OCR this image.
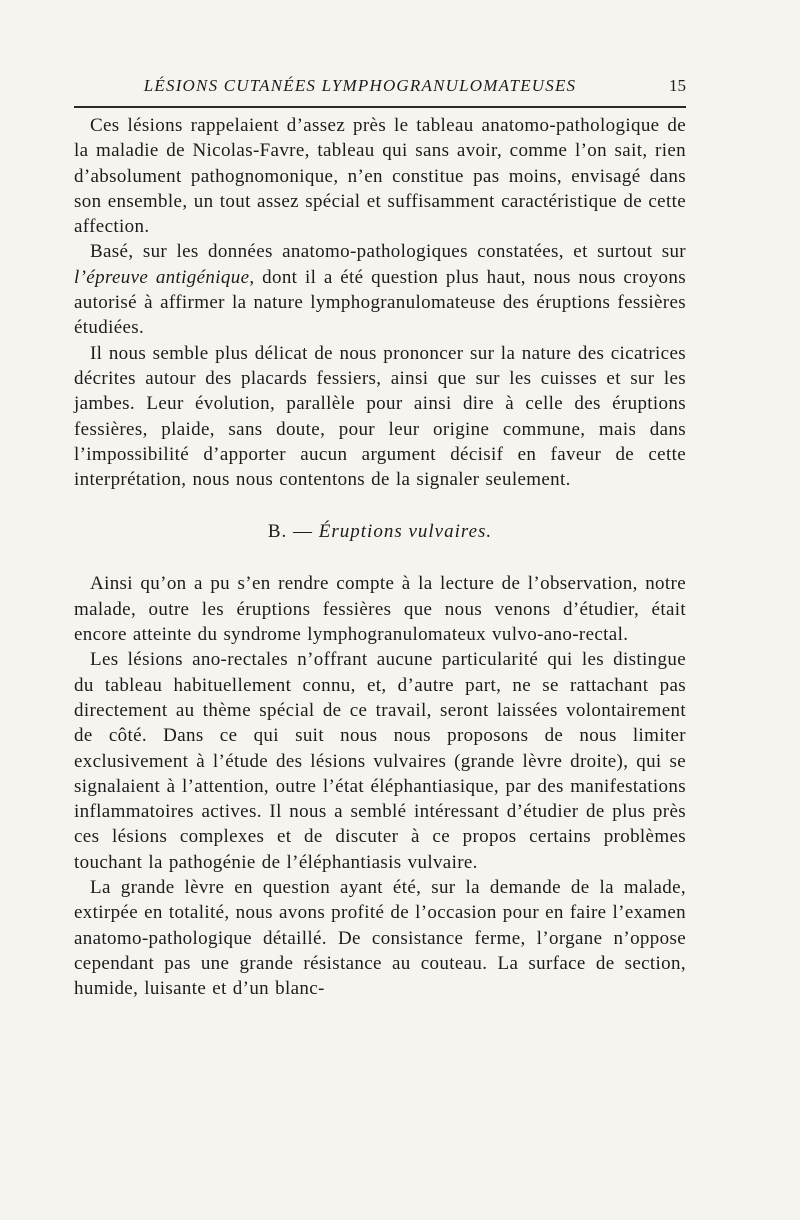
LÉSIONS CUTANÉES LYMPHOGRANULOMATEUSES	15

Ces lésions rappelaient d’assez près le tableau anatomo-pathologique de la maladie de Nicolas-Favre, tableau qui sans avoir, comme l’on sait, rien d’absolument pathognomonique, n’en constitue pas moins, envisagé dans son ensemble, un tout assez spécial et suffisamment caractéristique de cette affection.

Basé, sur les données anatomo-pathologiques constatées, et surtout sur l’épreuve antigénique, dont il a été question plus haut, nous nous croyons autorisé à affirmer la nature lymphogranulomateuse des éruptions fessières étudiées.

Il nous semble plus délicat de nous prononcer sur la nature des cicatrices décrites autour des placards fessiers, ainsi que sur les cuisses et sur les jambes. Leur évolution, parallèle pour ainsi dire à celle des éruptions fessières, plaide, sans doute, pour leur origine commune, mais dans l’impossibilité d’apporter aucun argument décisif en faveur de cette interprétation, nous nous contentons de la signaler seulement.

B. — Éruptions vulvaires.

Ainsi qu’on a pu s’en rendre compte à la lecture de l’observation, notre malade, outre les éruptions fessières que nous venons d’étudier, était encore atteinte du syndrome lymphogranulomateux vulvo-ano-rectal.

Les lésions ano-rectales n’offrant aucune particularité qui les distingue du tableau habituellement connu, et, d’autre part, ne se rattachant pas directement au thème spécial de ce travail, seront laissées volontairement de côté. Dans ce qui suit nous nous proposons de nous limiter exclusivement à l’étude des lésions vulvaires (grande lèvre droite), qui se signalaient à l’attention, outre l’état éléphantiasique, par des manifestations inflammatoires actives. Il nous a semblé intéressant d’étudier de plus près ces lésions complexes et de discuter à ce propos certains problèmes touchant la pathogénie de l’éléphantiasis vulvaire.

La grande lèvre en question ayant été, sur la demande de la malade, extirpée en totalité, nous avons profité de l’occasion pour en faire l’examen anatomo-pathologique détaillé. De consistance ferme, l’organe n’oppose cependant pas une grande résistance au couteau. La surface de section, humide, luisante et d’un blanc-
